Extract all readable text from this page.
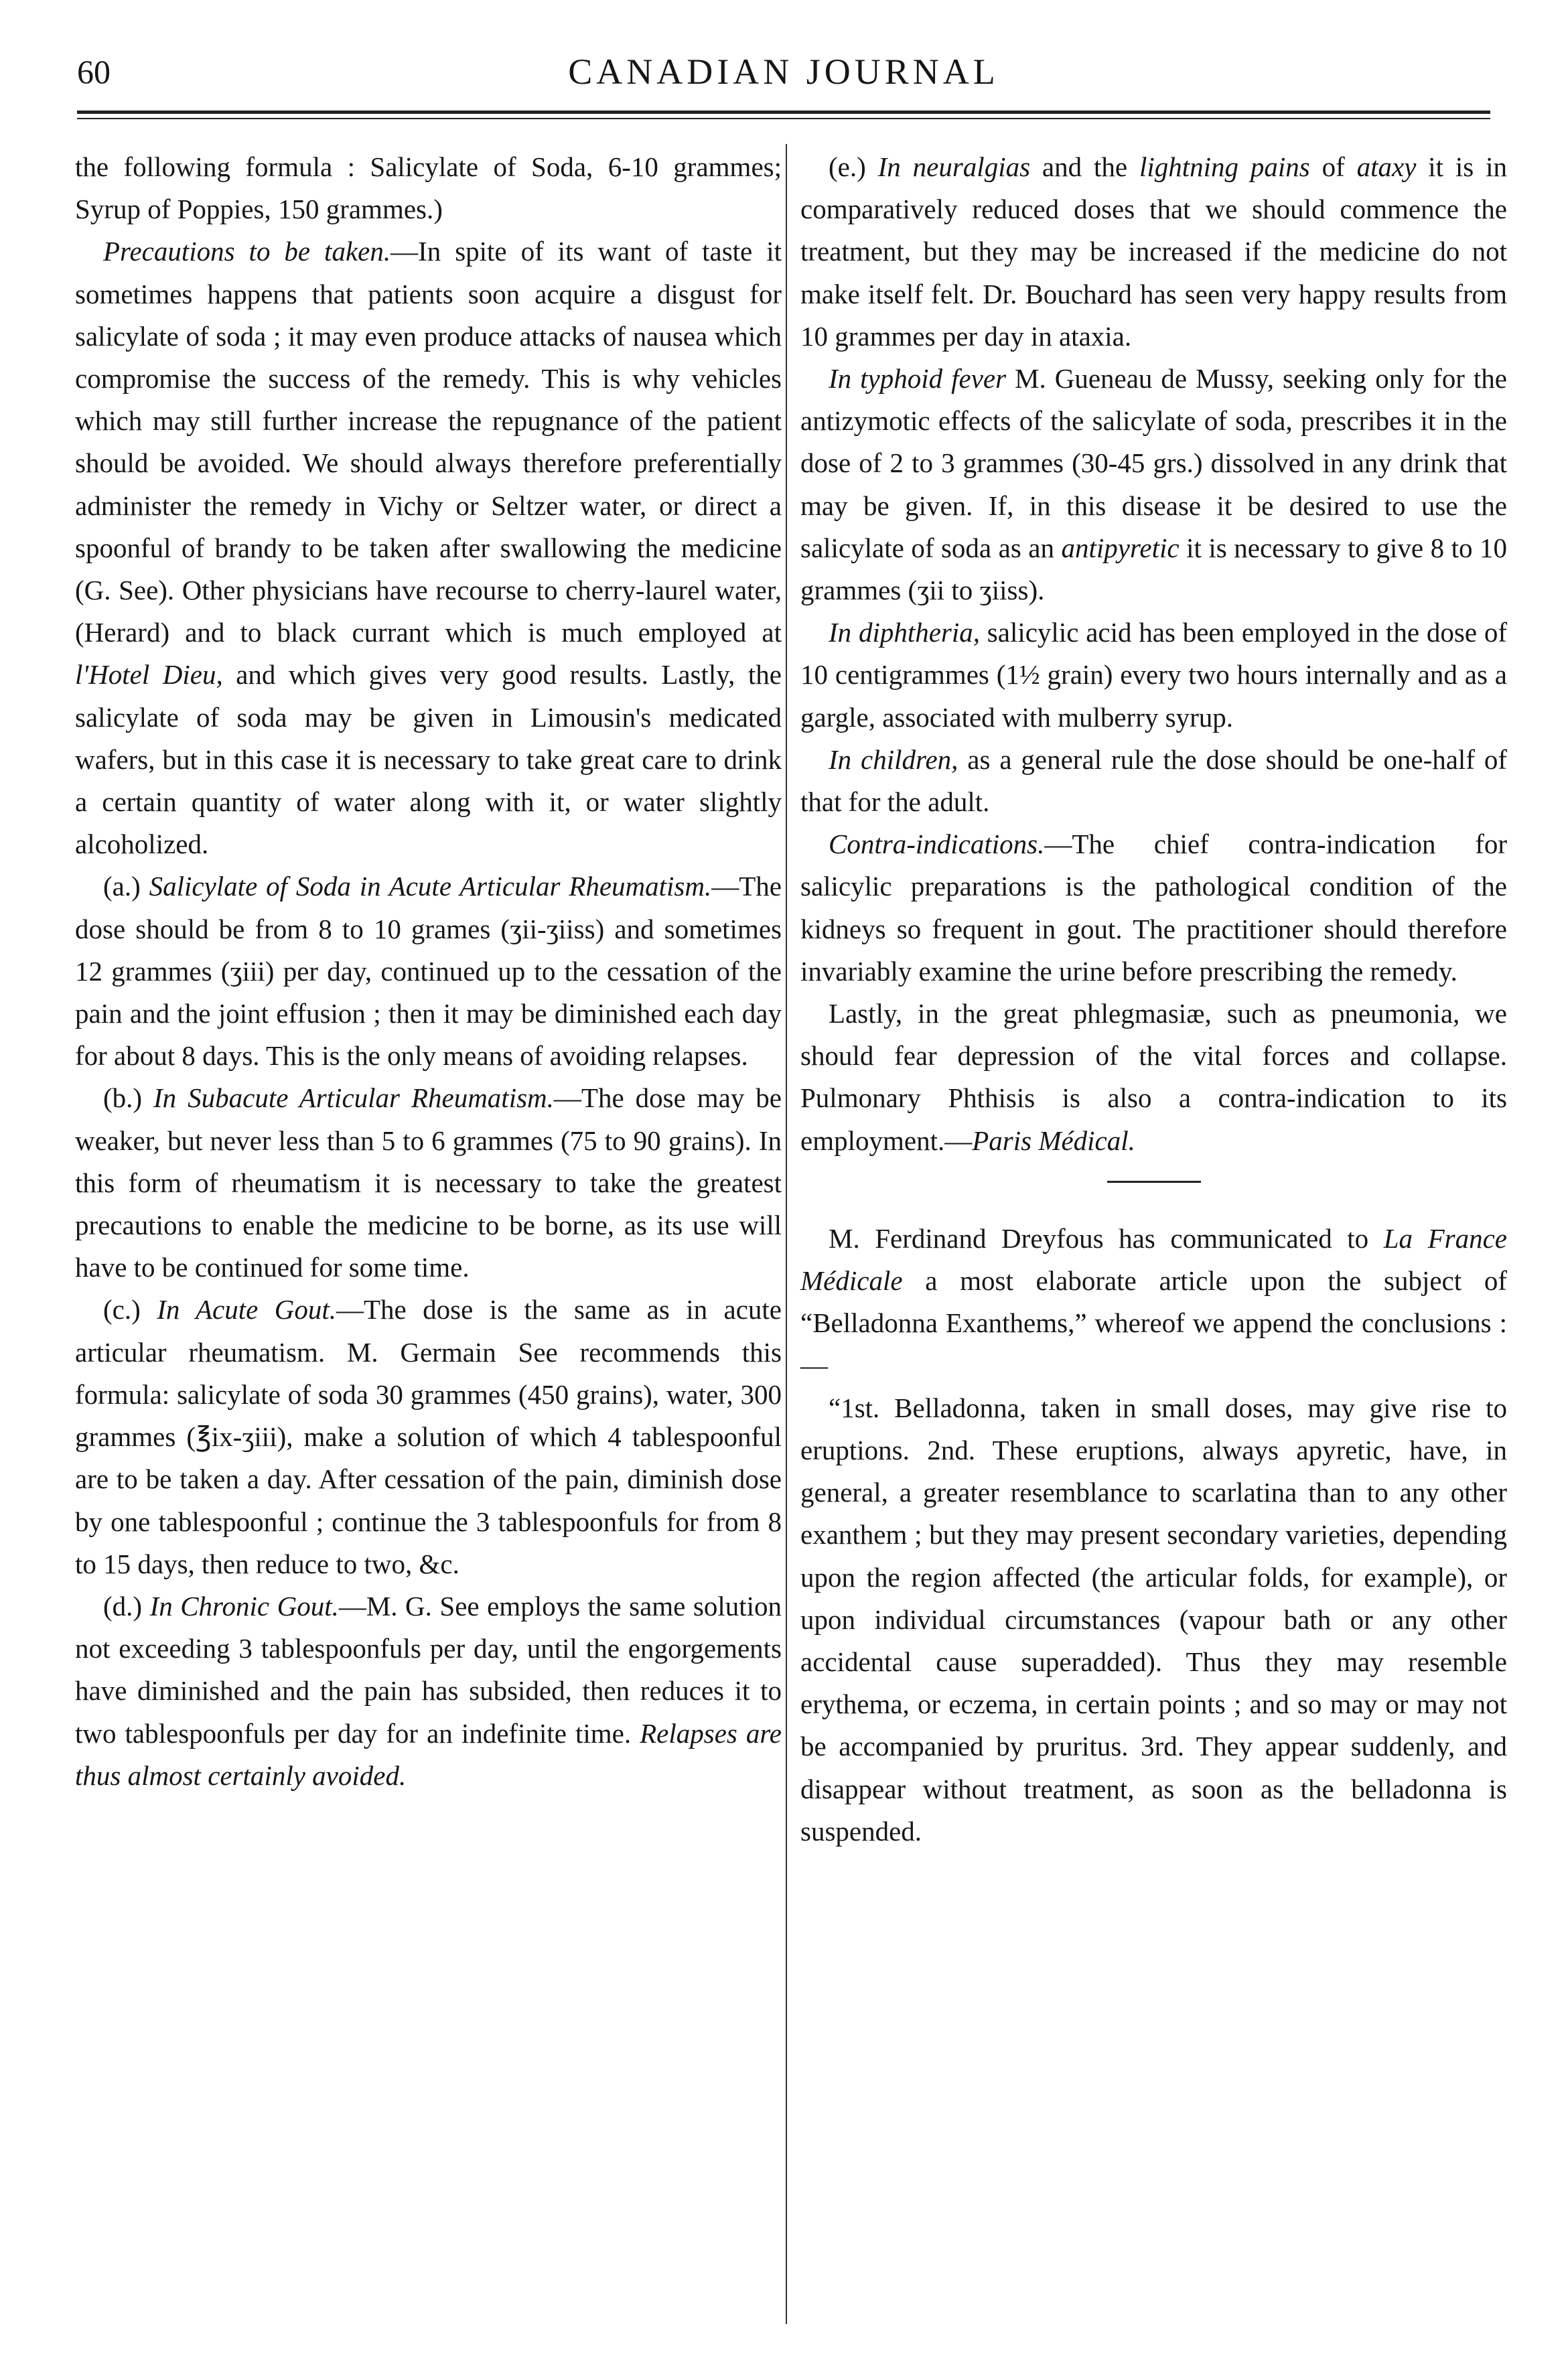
60	CANADIAN JOURNAL

the following formula : Salicylate of Soda, 6-10 grammes; Syrup of Poppies, 150 grammes.)

Precautions to be taken.—In spite of its want of taste it sometimes happens that patients soon acquire a disgust for salicylate of soda ; it may even produce attacks of nausea which compromise the success of the remedy. This is why vehicles which may still further increase the repugnance of the patient should be avoided. We should always therefore preferentially administer the remedy in Vichy or Seltzer water, or direct a spoonful of brandy to be taken after swallowing the medicine (G. See). Other physicians have recourse to cherry-laurel water, (Herard) and to black currant which is much employed at l'Hotel Dieu, and which gives very good results. Lastly, the salicylate of soda may be given in Limousin's medicated wafers, but in this case it is necessary to take great care to drink a certain quantity of water along with it, or water slightly alcoholized.

(a.) Salicylate of Soda in Acute Articular Rheumatism.—The dose should be from 8 to 10 grames (ʒii-ʒiiss) and sometimes 12 grammes (ʒiii) per day, continued up to the cessation of the pain and the joint effusion ; then it may be diminished each day for about 8 days. This is the only means of avoiding relapses.

(b.) In Subacute Articular Rheumatism.—The dose may be weaker, but never less than 5 to 6 grammes (75 to 90 grains). In this form of rheumatism it is necessary to take the greatest precautions to enable the medicine to be borne, as its use will have to be continued for some time.

(c.) In Acute Gout.—The dose is the same as in acute articular rheumatism. M. Germain See recommends this formula: salicylate of soda 30 grammes (450 grains), water, 300 grammes (℥ix-ʒiii), make a solution of which 4 tablespoonful are to be taken a day. After cessation of the pain, diminish dose by one tablespoonful ; continue the 3 tablespoonfuls for from 8 to 15 days, then reduce to two, &c.

(d.) In Chronic Gout.—M. G. See employs the same solution not exceeding 3 tablespoonfuls per day, until the engorgements have diminished and the pain has subsided, then reduces it to two tablespoonfuls per day for an indefinite time. Relapses are thus almost certainly avoided.

(e.) In neuralgias and the lightning pains of ataxy it is in comparatively reduced doses that we should commence the treatment, but they may be increased if the medicine do not make itself felt. Dr. Bouchard has seen very happy results from 10 grammes per day in ataxia.

In typhoid fever M. Gueneau de Mussy, seeking only for the antizymotic effects of the salicylate of soda, prescribes it in the dose of 2 to 3 grammes (30-45 grs.) dissolved in any drink that may be given. If, in this disease it be desired to use the salicylate of soda as an antipyretic it is necessary to give 8 to 10 grammes (ʒii to ʒiiss).

In diphtheria, salicylic acid has been employed in the dose of 10 centigrammes (1½ grain) every two hours internally and as a gargle, associated with mulberry syrup.

In children, as a general rule the dose should be one-half of that for the adult.

Contra-indications.—The chief contra-indication for salicylic preparations is the pathological condition of the kidneys so frequent in gout. The practitioner should therefore invariably examine the urine before prescribing the remedy.

Lastly, in the great phlegmasiæ, such as pneumonia, we should fear depression of the vital forces and collapse. Pulmonary Phthisis is also a contra-indication to its employment.—Paris Médical.

M. Ferdinand Dreyfous has communicated to La France Médicale a most elaborate article upon the subject of “Belladonna Exanthems,” whereof we append the conclusions :—

“1st. Belladonna, taken in small doses, may give rise to eruptions. 2nd. These eruptions, always apyretic, have, in general, a greater resemblance to scarlatina than to any other exanthem ; but they may present secondary varieties, depending upon the region affected (the articular folds, for example), or upon individual circumstances (vapour bath or any other accidental cause superadded). Thus they may resemble erythema, or eczema, in certain points ; and so may or may not be accompanied by pruritus. 3rd. They appear suddenly, and disappear without treatment, as soon as the belladonna is suspended.
